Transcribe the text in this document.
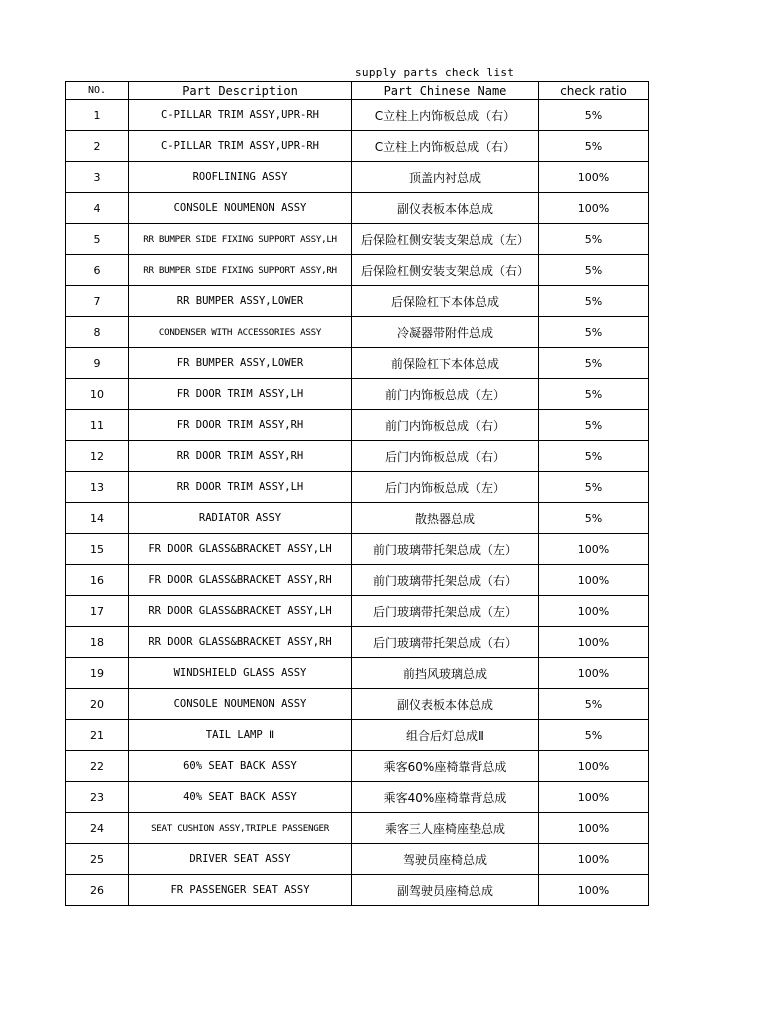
supply parts check list
NO.	Part Description	Part Chinese Name	check ratio
1	C-PILLAR TRIM ASSY,UPR-RH	C立柱上内饰板总成（右）	5%
2	C-PILLAR TRIM ASSY,UPR-RH	C立柱上内饰板总成（右）	5%
3	ROOFLINING ASSY	顶盖内衬总成	100%
4	CONSOLE NOUMENON ASSY	副仪表板本体总成	100%
5	RR BUMPER SIDE FIXING SUPPORT ASSY,LH	后保险杠侧安装支架总成（左）	5%
6	RR BUMPER SIDE FIXING SUPPORT ASSY,RH	后保险杠侧安装支架总成（右）	5%
7	RR BUMPER ASSY,LOWER	后保险杠下本体总成	5%
8	CONDENSER WITH ACCESSORIES ASSY	冷凝器带附件总成	5%
9	FR BUMPER ASSY,LOWER	前保险杠下本体总成	5%
10	FR DOOR TRIM ASSY,LH	前门内饰板总成（左）	5%
11	FR DOOR TRIM ASSY,RH	前门内饰板总成（右）	5%
12	RR DOOR TRIM ASSY,RH	后门内饰板总成（右）	5%
13	RR DOOR TRIM ASSY,LH	后门内饰板总成（左）	5%
14	RADIATOR ASSY	散热器总成	5%
15	FR DOOR GLASS&BRACKET ASSY,LH	前门玻璃带托架总成（左）	100%
16	FR DOOR GLASS&BRACKET ASSY,RH	前门玻璃带托架总成（右）	100%
17	RR DOOR GLASS&BRACKET ASSY,LH	后门玻璃带托架总成（左）	100%
18	RR DOOR GLASS&BRACKET ASSY,RH	后门玻璃带托架总成（右）	100%
19	WINDSHIELD GLASS ASSY	前挡风玻璃总成	100%
20	CONSOLE NOUMENON ASSY	副仪表板本体总成	5%
21	TAIL LAMP Ⅱ	组合后灯总成Ⅱ	5%
22	60% SEAT BACK ASSY	乘客60%座椅靠背总成	100%
23	40% SEAT BACK ASSY	乘客40%座椅靠背总成	100%
24	SEAT CUSHION ASSY,TRIPLE PASSENGER	乘客三人座椅座垫总成	100%
25	DRIVER SEAT ASSY	驾驶员座椅总成	100%
26	FR PASSENGER SEAT ASSY	副驾驶员座椅总成	100%
